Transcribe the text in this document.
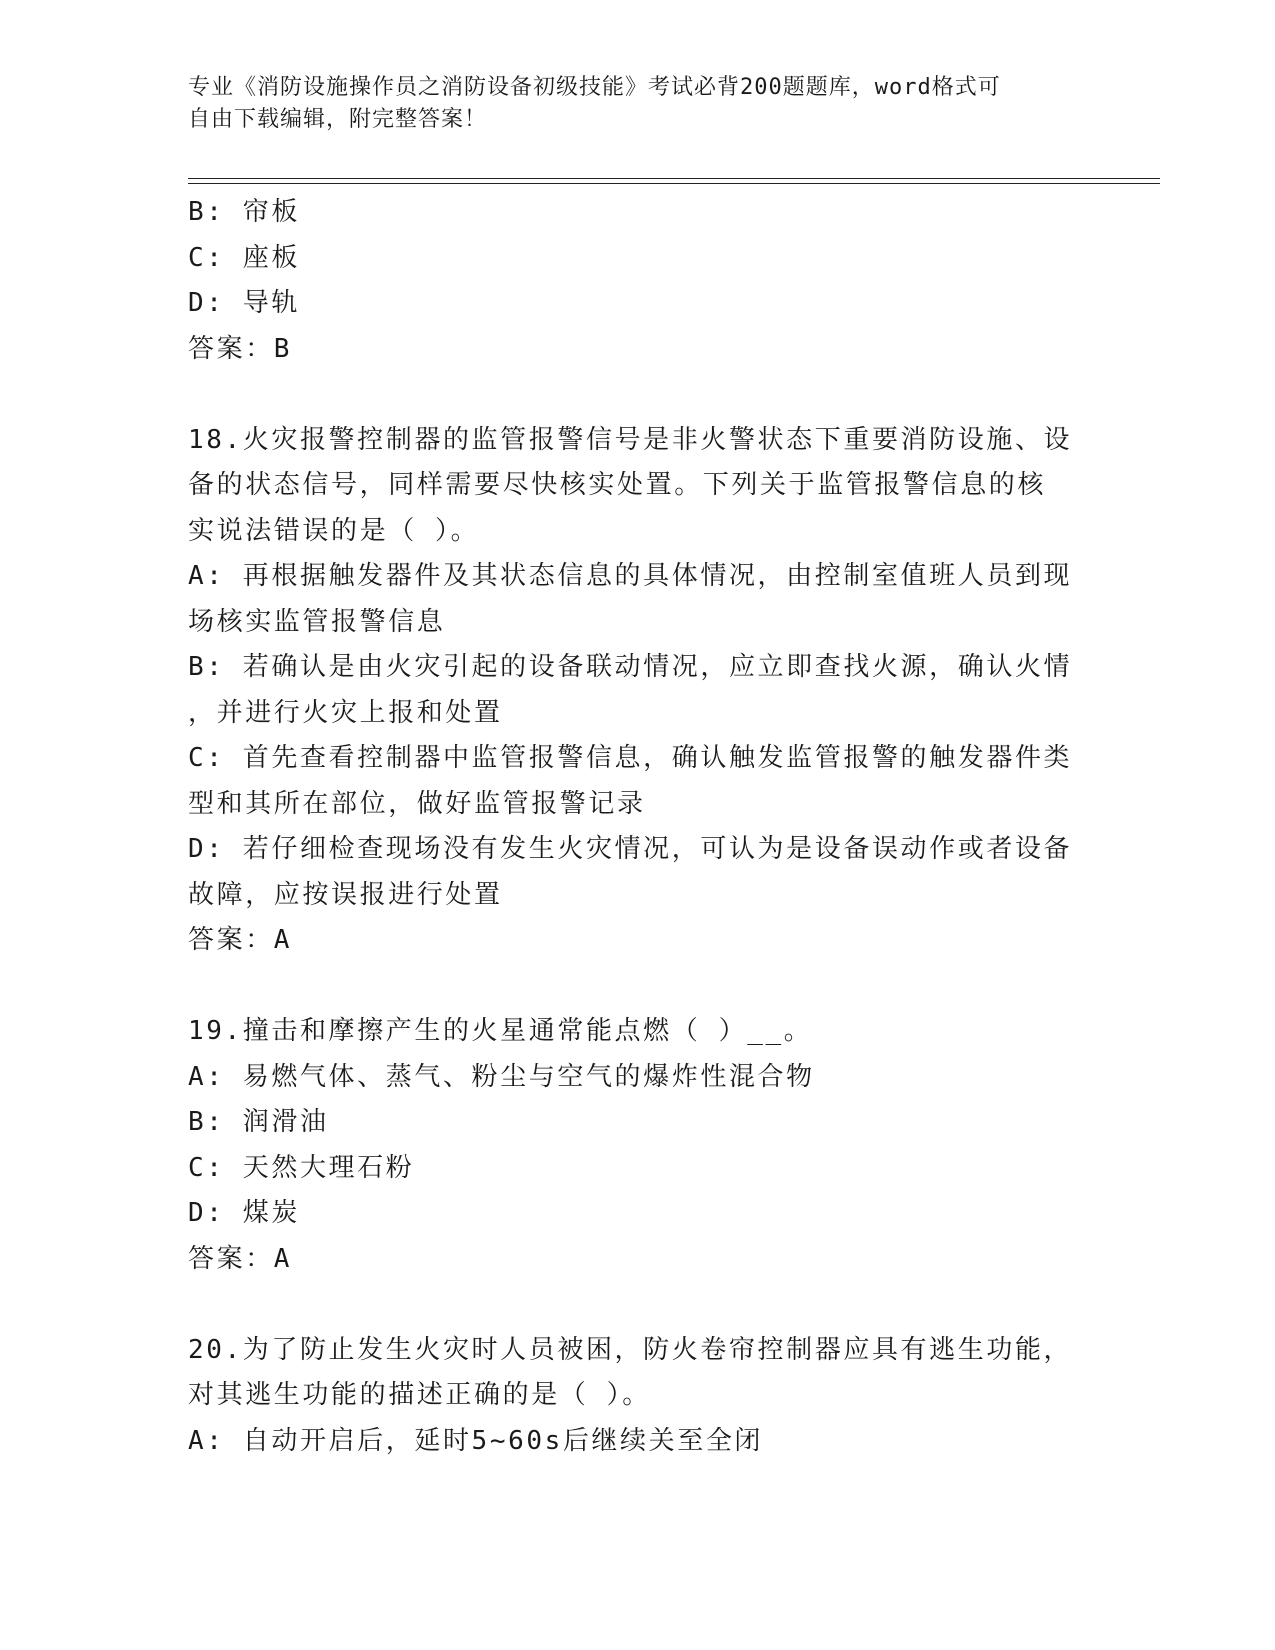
专业《消防设施操作员之消防设备初级技能》考试必背200题题库，word格式可
自由下载编辑，附完整答案！
B: 帘板
C: 座板
D: 导轨
答案：B
18.火灾报警控制器的监管报警信号是非火警状态下重要消防设施、设
备的状态信号，同样需要尽快核实处置。下列关于监管报警信息的核
实说法错误的是（ ）。
A: 再根据触发器件及其状态信息的具体情况，由控制室值班人员到现
场核实监管报警信息
B: 若确认是由火灾引起的设备联动情况，应立即查找火源，确认火情
，并进行火灾上报和处置
C: 首先查看控制器中监管报警信息，确认触发监管报警的触发器件类
型和其所在部位，做好监管报警记录
D: 若仔细检查现场没有发生火灾情况，可认为是设备误动作或者设备
故障，应按误报进行处置
答案：A
19.撞击和摩擦产生的火星通常能点燃（ ）__。
A: 易燃气体、蒸气、粉尘与空气的爆炸性混合物
B: 润滑油
C: 天然大理石粉
D: 煤炭
答案：A
20.为了防止发生火灾时人员被困，防火卷帘控制器应具有逃生功能，
对其逃生功能的描述正确的是（ ）。
A: 自动开启后，延时5~60s后继续关至全闭
